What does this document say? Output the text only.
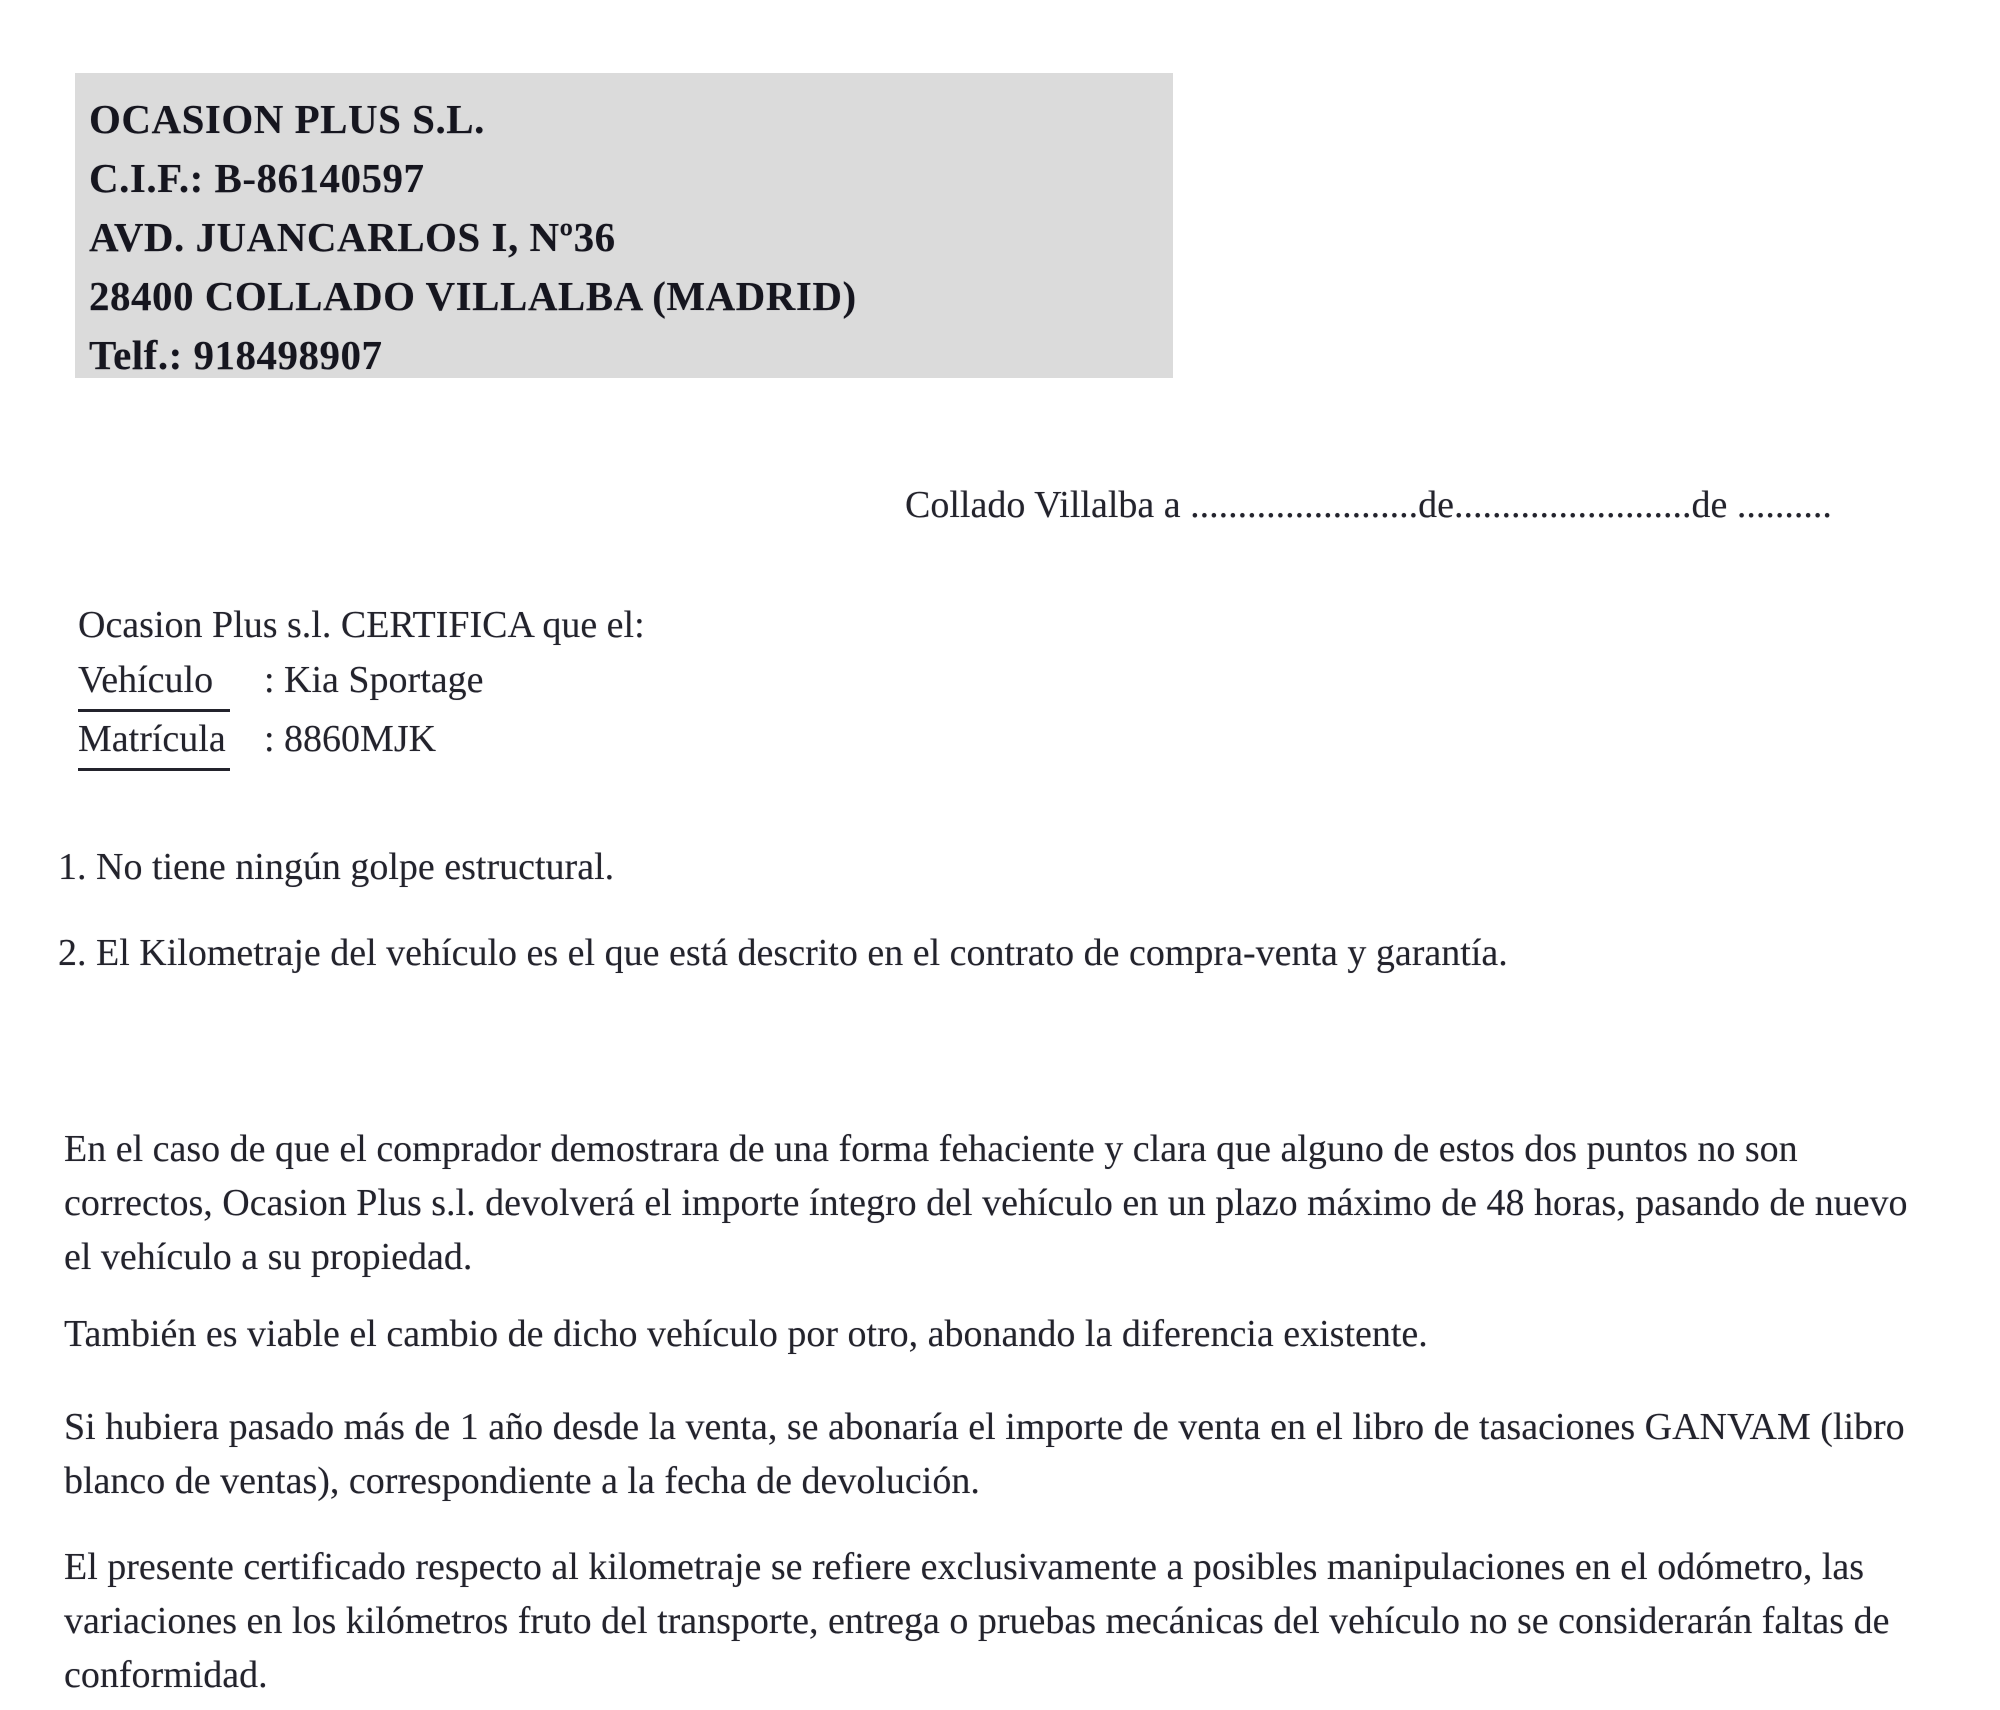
OCASION PLUS S.L.
C.I.F.: B-86140597
AVD. JUANCARLOS I, Nº36
28400 COLLADO VILLALBA (MADRID)
Telf.: 918498907
Collado Villalba a ........................de.........................de ..........
Ocasion Plus s.l. CERTIFICA que el:
Vehículo : Kia Sportage
Matrícula : 8860MJK
1. No tiene ningún golpe estructural.
2. El Kilometraje del vehículo es el que está descrito en el contrato de compra-venta y garantía.

En el caso de que el comprador demostrara de una forma fehaciente y clara que alguno de estos dos puntos no son correctos, Ocasion Plus s.l. devolverá el importe íntegro del vehículo en un plazo máximo de 48 horas, pasando de nuevo el vehículo a su propiedad.

También es viable el cambio de dicho vehículo por otro, abonando la diferencia existente.

Si hubiera pasado más de 1 año desde la venta, se abonaría el importe de venta en el libro de tasaciones GANVAM (libro blanco de ventas), correspondiente a la fecha de devolución.

El presente certificado respecto al kilometraje se refiere exclusivamente a posibles manipulaciones en el odómetro, las variaciones en los kilómetros fruto del transporte, entrega o pruebas mecánicas del vehículo no se considerarán faltas de conformidad.
